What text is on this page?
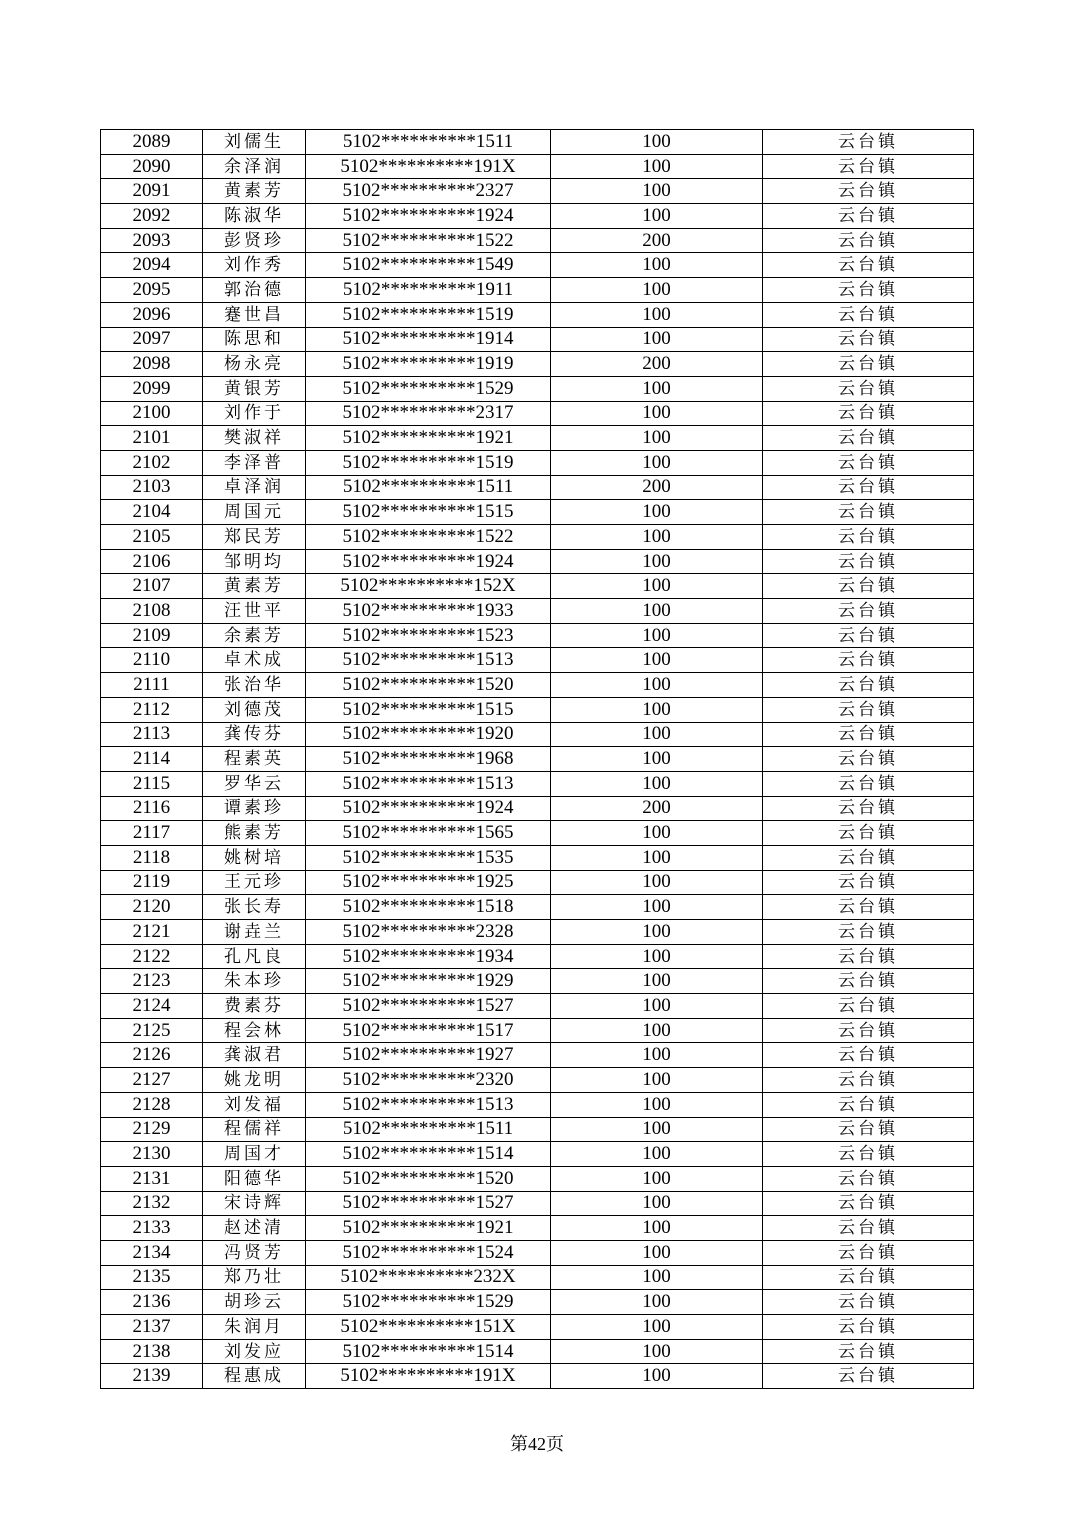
2089	刘儒生	5102**********1511	100	云台镇
2090	余泽润	5102**********191X	100	云台镇
2091	黄素芳	5102**********2327	100	云台镇
2092	陈淑华	5102**********1924	100	云台镇
2093	彭贤珍	5102**********1522	200	云台镇
2094	刘作秀	5102**********1549	100	云台镇
2095	郭治德	5102**********1911	100	云台镇
2096	蹇世昌	5102**********1519	100	云台镇
2097	陈思和	5102**********1914	100	云台镇
2098	杨永亮	5102**********1919	200	云台镇
2099	黄银芳	5102**********1529	100	云台镇
2100	刘作于	5102**********2317	100	云台镇
2101	樊淑祥	5102**********1921	100	云台镇
2102	李泽普	5102**********1519	100	云台镇
2103	卓泽润	5102**********1511	200	云台镇
2104	周国元	5102**********1515	100	云台镇
2105	郑民芳	5102**********1522	100	云台镇
2106	邹明均	5102**********1924	100	云台镇
2107	黄素芳	5102**********152X	100	云台镇
2108	汪世平	5102**********1933	100	云台镇
2109	余素芳	5102**********1523	100	云台镇
2110	卓术成	5102**********1513	100	云台镇
2111	张治华	5102**********1520	100	云台镇
2112	刘德茂	5102**********1515	100	云台镇
2113	龚传芬	5102**********1920	100	云台镇
2114	程素英	5102**********1968	100	云台镇
2115	罗华云	5102**********1513	100	云台镇
2116	谭素珍	5102**********1924	200	云台镇
2117	熊素芳	5102**********1565	100	云台镇
2118	姚树培	5102**********1535	100	云台镇
2119	王元珍	5102**********1925	100	云台镇
2120	张长寿	5102**********1518	100	云台镇
2121	谢垚兰	5102**********2328	100	云台镇
2122	孔凡良	5102**********1934	100	云台镇
2123	朱本珍	5102**********1929	100	云台镇
2124	费素芬	5102**********1527	100	云台镇
2125	程会林	5102**********1517	100	云台镇
2126	龚淑君	5102**********1927	100	云台镇
2127	姚龙明	5102**********2320	100	云台镇
2128	刘发福	5102**********1513	100	云台镇
2129	程儒祥	5102**********1511	100	云台镇
2130	周国才	5102**********1514	100	云台镇
2131	阳德华	5102**********1520	100	云台镇
2132	宋诗辉	5102**********1527	100	云台镇
2133	赵述清	5102**********1921	100	云台镇
2134	冯贤芳	5102**********1524	100	云台镇
2135	郑乃壮	5102**********232X	100	云台镇
2136	胡珍云	5102**********1529	100	云台镇
2137	朱润月	5102**********151X	100	云台镇
2138	刘发应	5102**********1514	100	云台镇
2139	程惠成	5102**********191X	100	云台镇
第42页
